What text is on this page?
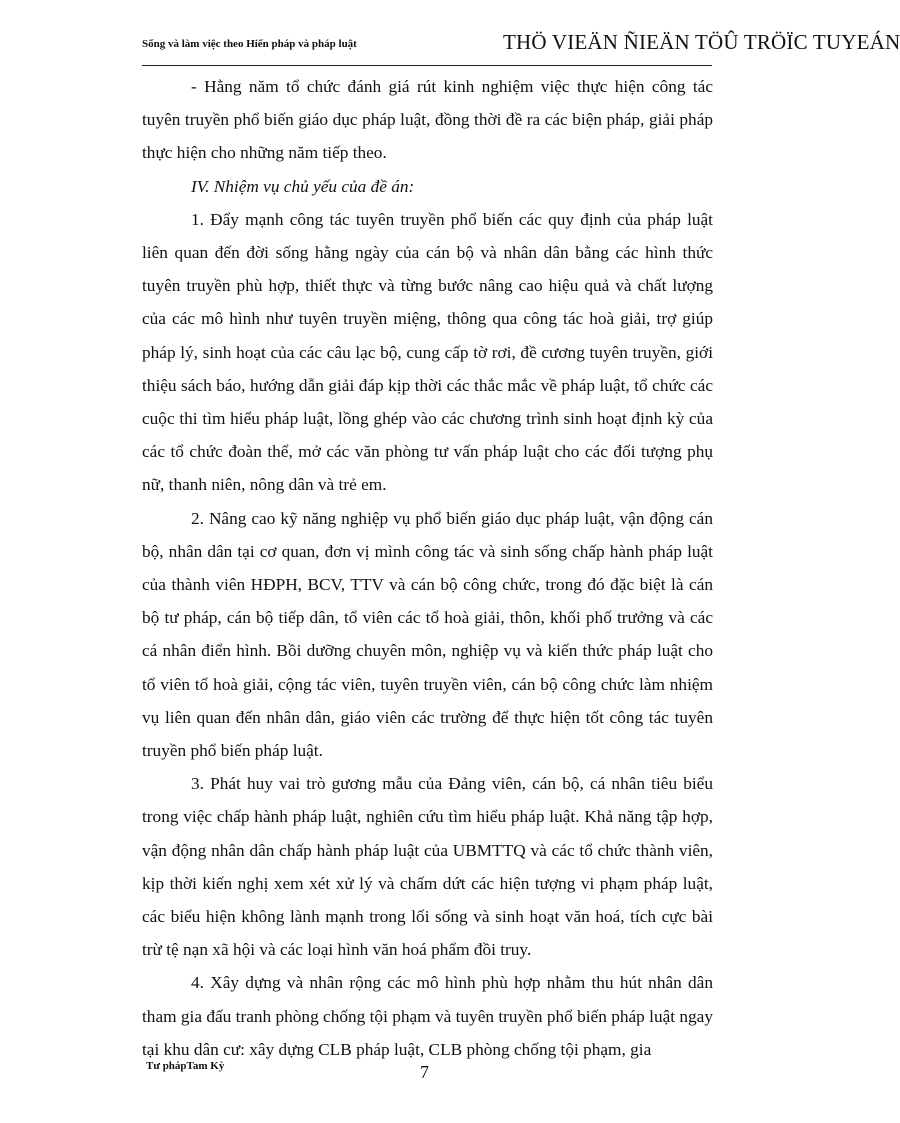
Sống và làm việc theo Hiến pháp và pháp luật	THÖ VIEÄN ÑIEÄN TÖÛ TRÖÏC TUYEÁN

- Hằng năm tổ chức đánh giá rút kinh nghiệm việc thực hiện công tác tuyên truyền phổ biến giáo dục pháp luật, đồng thời đề ra các biện pháp, giải pháp thực hiện cho những năm tiếp theo.

IV. Nhiệm vụ chủ yếu của đề án:

1. Đẩy mạnh công tác tuyên truyền phổ biến các quy định của pháp luật liên quan đến đời sống hằng ngày của cán bộ và nhân dân bằng các hình thức tuyên truyền phù hợp, thiết thực và từng bước nâng cao hiệu quả và chất lượng của các mô hình như tuyên truyền miệng, thông qua công tác hoà giải, trợ giúp pháp lý, sinh hoạt của các câu lạc bộ, cung cấp tờ rơi, đề cương tuyên truyền, giới thiệu sách báo, hướng dẫn giải đáp kịp thời các thắc mắc về pháp luật, tổ chức các cuộc thi tìm hiểu pháp luật, lồng ghép vào các chương trình sinh hoạt định kỳ của các tổ chức đoàn thể, mở các văn phòng tư vấn pháp luật cho các đối tượng phụ nữ, thanh niên, nông dân và trẻ em.

2. Nâng cao kỹ năng nghiệp vụ phổ biến giáo dục pháp luật, vận động cán bộ, nhân dân tại cơ quan, đơn vị mình công tác và sinh sống chấp hành pháp luật của thành viên HĐPH, BCV, TTV và cán bộ công chức, trong đó đặc biệt là cán bộ tư pháp, cán bộ tiếp dân, tổ viên các tổ hoà giải, thôn, khối phố trưởng và các cá nhân điển hình. Bồi dưỡng chuyên môn, nghiệp vụ và kiến thức pháp luật cho tổ viên tổ hoà giải, cộng tác viên, tuyên truyền viên, cán bộ công chức làm nhiệm vụ liên quan đến nhân dân, giáo viên các trường để thực hiện tốt công tác tuyên truyền phổ biến pháp luật.

3. Phát huy vai trò gương mẫu của Đảng viên, cán bộ, cá nhân tiêu biểu trong việc chấp hành pháp luật, nghiên cứu tìm hiểu pháp luật. Khả năng tập hợp, vận động nhân dân chấp hành pháp luật của UBMTTQ và các tổ chức thành viên, kịp thời kiến nghị xem xét xử lý và chấm dứt các hiện tượng vi phạm pháp luật, các biểu hiện không lành mạnh trong lối sống và sinh hoạt văn hoá, tích cực bài trừ tệ nạn xã hội và các loại hình văn hoá phẩm đồi truy.

4. Xây dựng và nhân rộng các mô hình phù hợp nhằm thu hút nhân dân tham gia đấu tranh phòng chống tội phạm và tuyên truyền phổ biến pháp luật ngay tại khu dân cư: xây dựng CLB pháp luật, CLB phòng chống tội phạm, gia

Tư phápTam Kỳ	7
